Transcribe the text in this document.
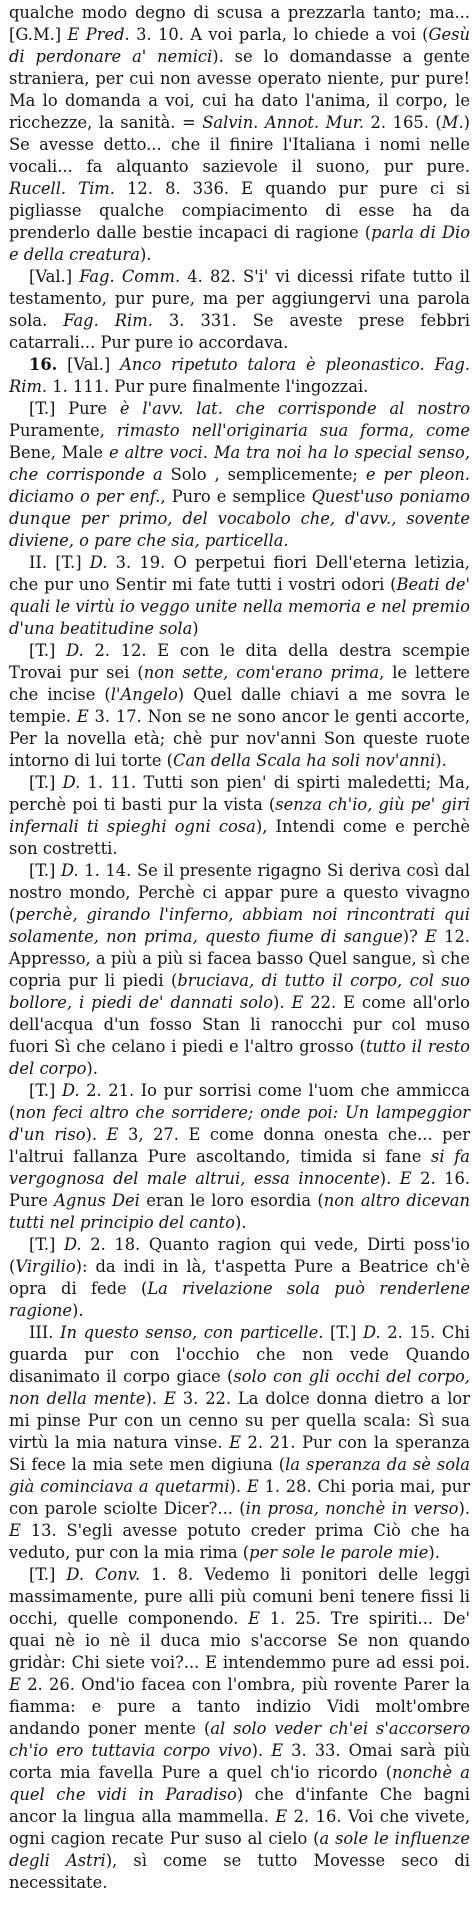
qualche modo degno di scusa a prezzarla tanto; ma... [G.M.] E Pred. 3. 10. A voi parla, lo chiede a voi (Gesù di perdonare a' nemici). se lo domandasse a gente straniera, per cui non avesse operato niente, pur pure! Ma lo domanda a voi, cui ha dato l'anima, il corpo, le ricchezze, la sanità. = Salvin. Annot. Mur. 2. 165. (M.) Se avesse detto... che il finire l'Italiana i nomi nelle vocali... fa alquanto sazievole il suono, pur pure. Rucell. Tim. 12. 8. 336. E quando pur pure ci si pigliasse qualche compiacimento di esse ha da prenderlo dalle bestie incapaci di ragione (parla di Dio e della creatura).

[Val.] Fag. Comm. 4. 82. S'i' vi dicessi rifate tutto il testamento, pur pure, ma per aggiungervi una parola sola. Fag. Rim. 3. 331. Se aveste prese febbri catarrali... Pur pure io accordava.

16. [Val.] Anco ripetuto talora è pleonastico. Fag. Rim. 1. 111. Pur pure finalmente l'ingozzai.

[T.] Pure è l'avv. lat. che corrisponde al nostro Puramente, rimasto nell'originaria sua forma, come Bene, Male e altre voci. Ma tra noi ha lo special senso, che corrisponde a Solo , semplicemente; e per pleon. diciamo o per enf., Puro e semplice Quest'uso poniamo dunque per primo, del vocabolo che, d'avv., sovente diviene, o pare che sia, particella.

II. [T.] D. 3. 19. O perpetui fiori Dell'eterna letizia, che pur uno Sentir mi fate tutti i vostri odori (Beati de' quali le virtù io veggo unite nella memoria e nel premio d'una beatitudine sola)

[T.] D. 2. 12. E con le dita della destra scempie Trovai pur sei (non sette, com'erano prima, le lettere che incise (l'Angelo) Quel dalle chiavi a me sovra le tempie. E 3. 17. Non se ne sono ancor le genti accorte, Per la novella età; chè pur nov'anni Son queste ruote intorno di lui torte (Can della Scala ha soli nov'anni).

[T.] D. 1. 11. Tutti son pien' di spirti maledetti; Ma, perchè poi ti basti pur la vista (senza ch'io, giù pe' giri infernali ti spieghi ogni cosa), Intendi come e perchè son costretti.

[T.] D. 1. 14. Se il presente rigagno Si deriva così dal nostro mondo, Perchè ci appar pure a questo vivagno (perchè, girando l'inferno, abbiam noi rincontrati qui solamente, non prima, questo fiume di sangue)? E 12. Appresso, a più a più si facea basso Quel sangue, sì che copria pur li piedi (bruciava, di tutto il corpo, col suo bollore, i piedi de' dannati solo). E 22. E come all'orlo dell'acqua d'un fosso Stan li ranocchi pur col muso fuori Sì che celano i piedi e l'altro grosso (tutto il resto del corpo).

[T.] D. 2. 21. Io pur sorrisi come l'uom che ammicca (non feci altro che sorridere; onde poi: Un lampeggior d'un riso). E 3, 27. E come donna onesta che... per l'altrui fallanza Pure ascoltando, timida si fane si fa vergognosa del male altrui, essa innocente). E 2. 16. Pure Agnus Dei eran le loro esordia (non altro dicevan tutti nel principio del canto).

[T.] D. 2. 18. Quanto ragion qui vede, Dirti poss'io (Virgilio): da indi in là, t'aspetta Pure a Beatrice ch'è opra di fede (La rivelazione sola può renderlene ragione).

III. In questo senso, con particelle. [T.] D. 2. 15. Chi guarda pur con l'occhio che non vede Quando disanimato il corpo giace (solo con gli occhi del corpo, non della mente). E 3. 22. La dolce donna dietro a lor mi pinse Pur con un cenno su per quella scala: Sì sua virtù la mia natura vinse. E 2. 21. Pur con la speranza Si fece la mia sete men digiuna (la speranza da sè sola già cominciava a quetarmi). E 1. 28. Chi poria mai, pur con parole sciolte Dicer?... (in prosa, nonchè in verso). E 13. S'egli avesse potuto creder prima Ciò che ha veduto, pur con la mia rima (per sole le parole mie).

[T.] D. Conv. 1. 8. Vedemo li ponitori delle leggi massimamente, pure alli più comuni beni tenere fissi li occhi, quelle componendo. E 1. 25. Tre spiriti... De' quai nè io nè il duca mio s'accorse Se non quando gridàr: Chi siete voi?... E intendemmo pure ad essi poi. E 2. 26. Ond'io facea con l'ombra, più rovente Parer la fiamma: e pure a tanto indizio Vidi molt'ombre andando poner mente (al solo veder ch'ei s'accorsero ch'io ero tuttavia corpo vivo). E 3. 33. Omai sarà più corta mia favella Pure a quel ch'io ricordo (nonchè a quel che vidi in Paradiso) che d'infante Che bagni ancor la lingua alla mammella. E 2. 16. Voi che vivete, ogni cagion recate Pur suso al cielo (a sole le influenze degli Astri), sì come se tutto Movesse seco di necessitate.
